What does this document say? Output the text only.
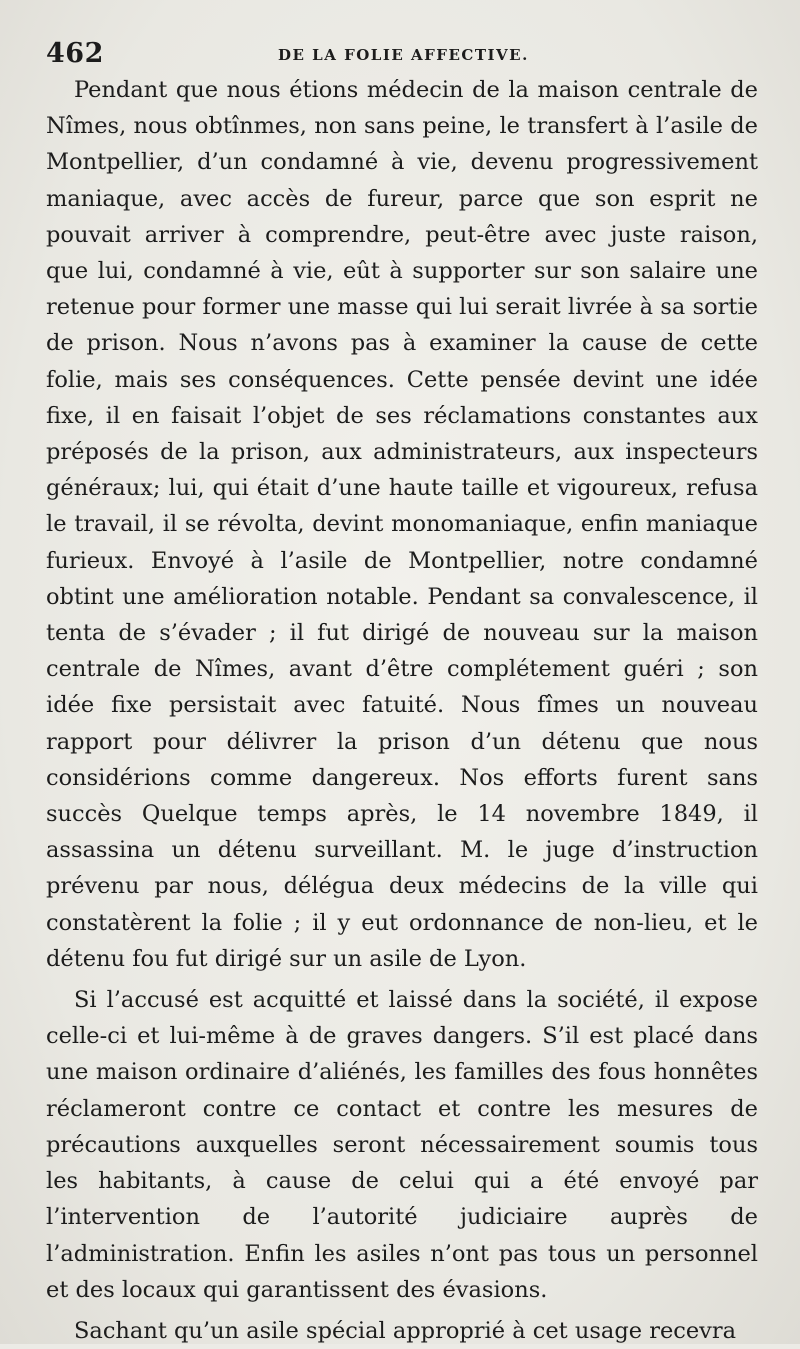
462	DE LA FOLIE AFFECTIVE.

Pendant que nous étions médecin de la maison centrale de Nîmes, nous obtînmes, non sans peine, le transfert à l’asile de Montpellier, d’un condamné à vie, devenu progressivement maniaque, avec accès de fureur, parce que son esprit ne pouvait arriver à comprendre, peut-être avec juste raison, que lui, condamné à vie, eût à supporter sur son salaire une retenue pour former une masse qui lui serait livrée à sa sortie de prison. Nous n’avons pas à examiner la cause de cette folie, mais ses conséquences. Cette pensée devint une idée fixe, il en faisait l’objet de ses réclamations constantes aux préposés de la prison, aux administrateurs, aux inspecteurs généraux; lui, qui était d’une haute taille et vigoureux, refusa le travail, il se révolta, devint monomaniaque, enfin maniaque furieux. Envoyé à l’asile de Montpellier, notre condamné obtint une amélioration notable. Pendant sa convalescence, il tenta de s’évader ; il fut dirigé de nouveau sur la maison centrale de Nîmes, avant d’être complétement guéri ; son idée fixe persistait avec fatuité. Nous fîmes un nouveau rapport pour délivrer la prison d’un détenu que nous considérions comme dangereux. Nos efforts furent sans succès Quelque temps après, le 14 novembre 1849, il assassina un détenu surveillant. M. le juge d’instruction prévenu par nous, délégua deux médecins de la ville qui constatèrent la folie ; il y eut ordonnance de non-lieu, et le détenu fou fut dirigé sur un asile de Lyon.

Si l’accusé est acquitté et laissé dans la société, il expose celle-ci et lui-même à de graves dangers. S’il est placé dans une maison ordinaire d’aliénés, les familles des fous honnêtes réclameront contre ce contact et contre les mesures de précautions auxquelles seront nécessairement soumis tous les habitants, à cause de celui qui a été envoyé par l’intervention de l’autorité judiciaire auprès de l’administration. Enfin les asiles n’ont pas tous un personnel et des locaux qui garantissent des évasions.

Sachant qu’un asile spécial approprié à cet usage recevra
